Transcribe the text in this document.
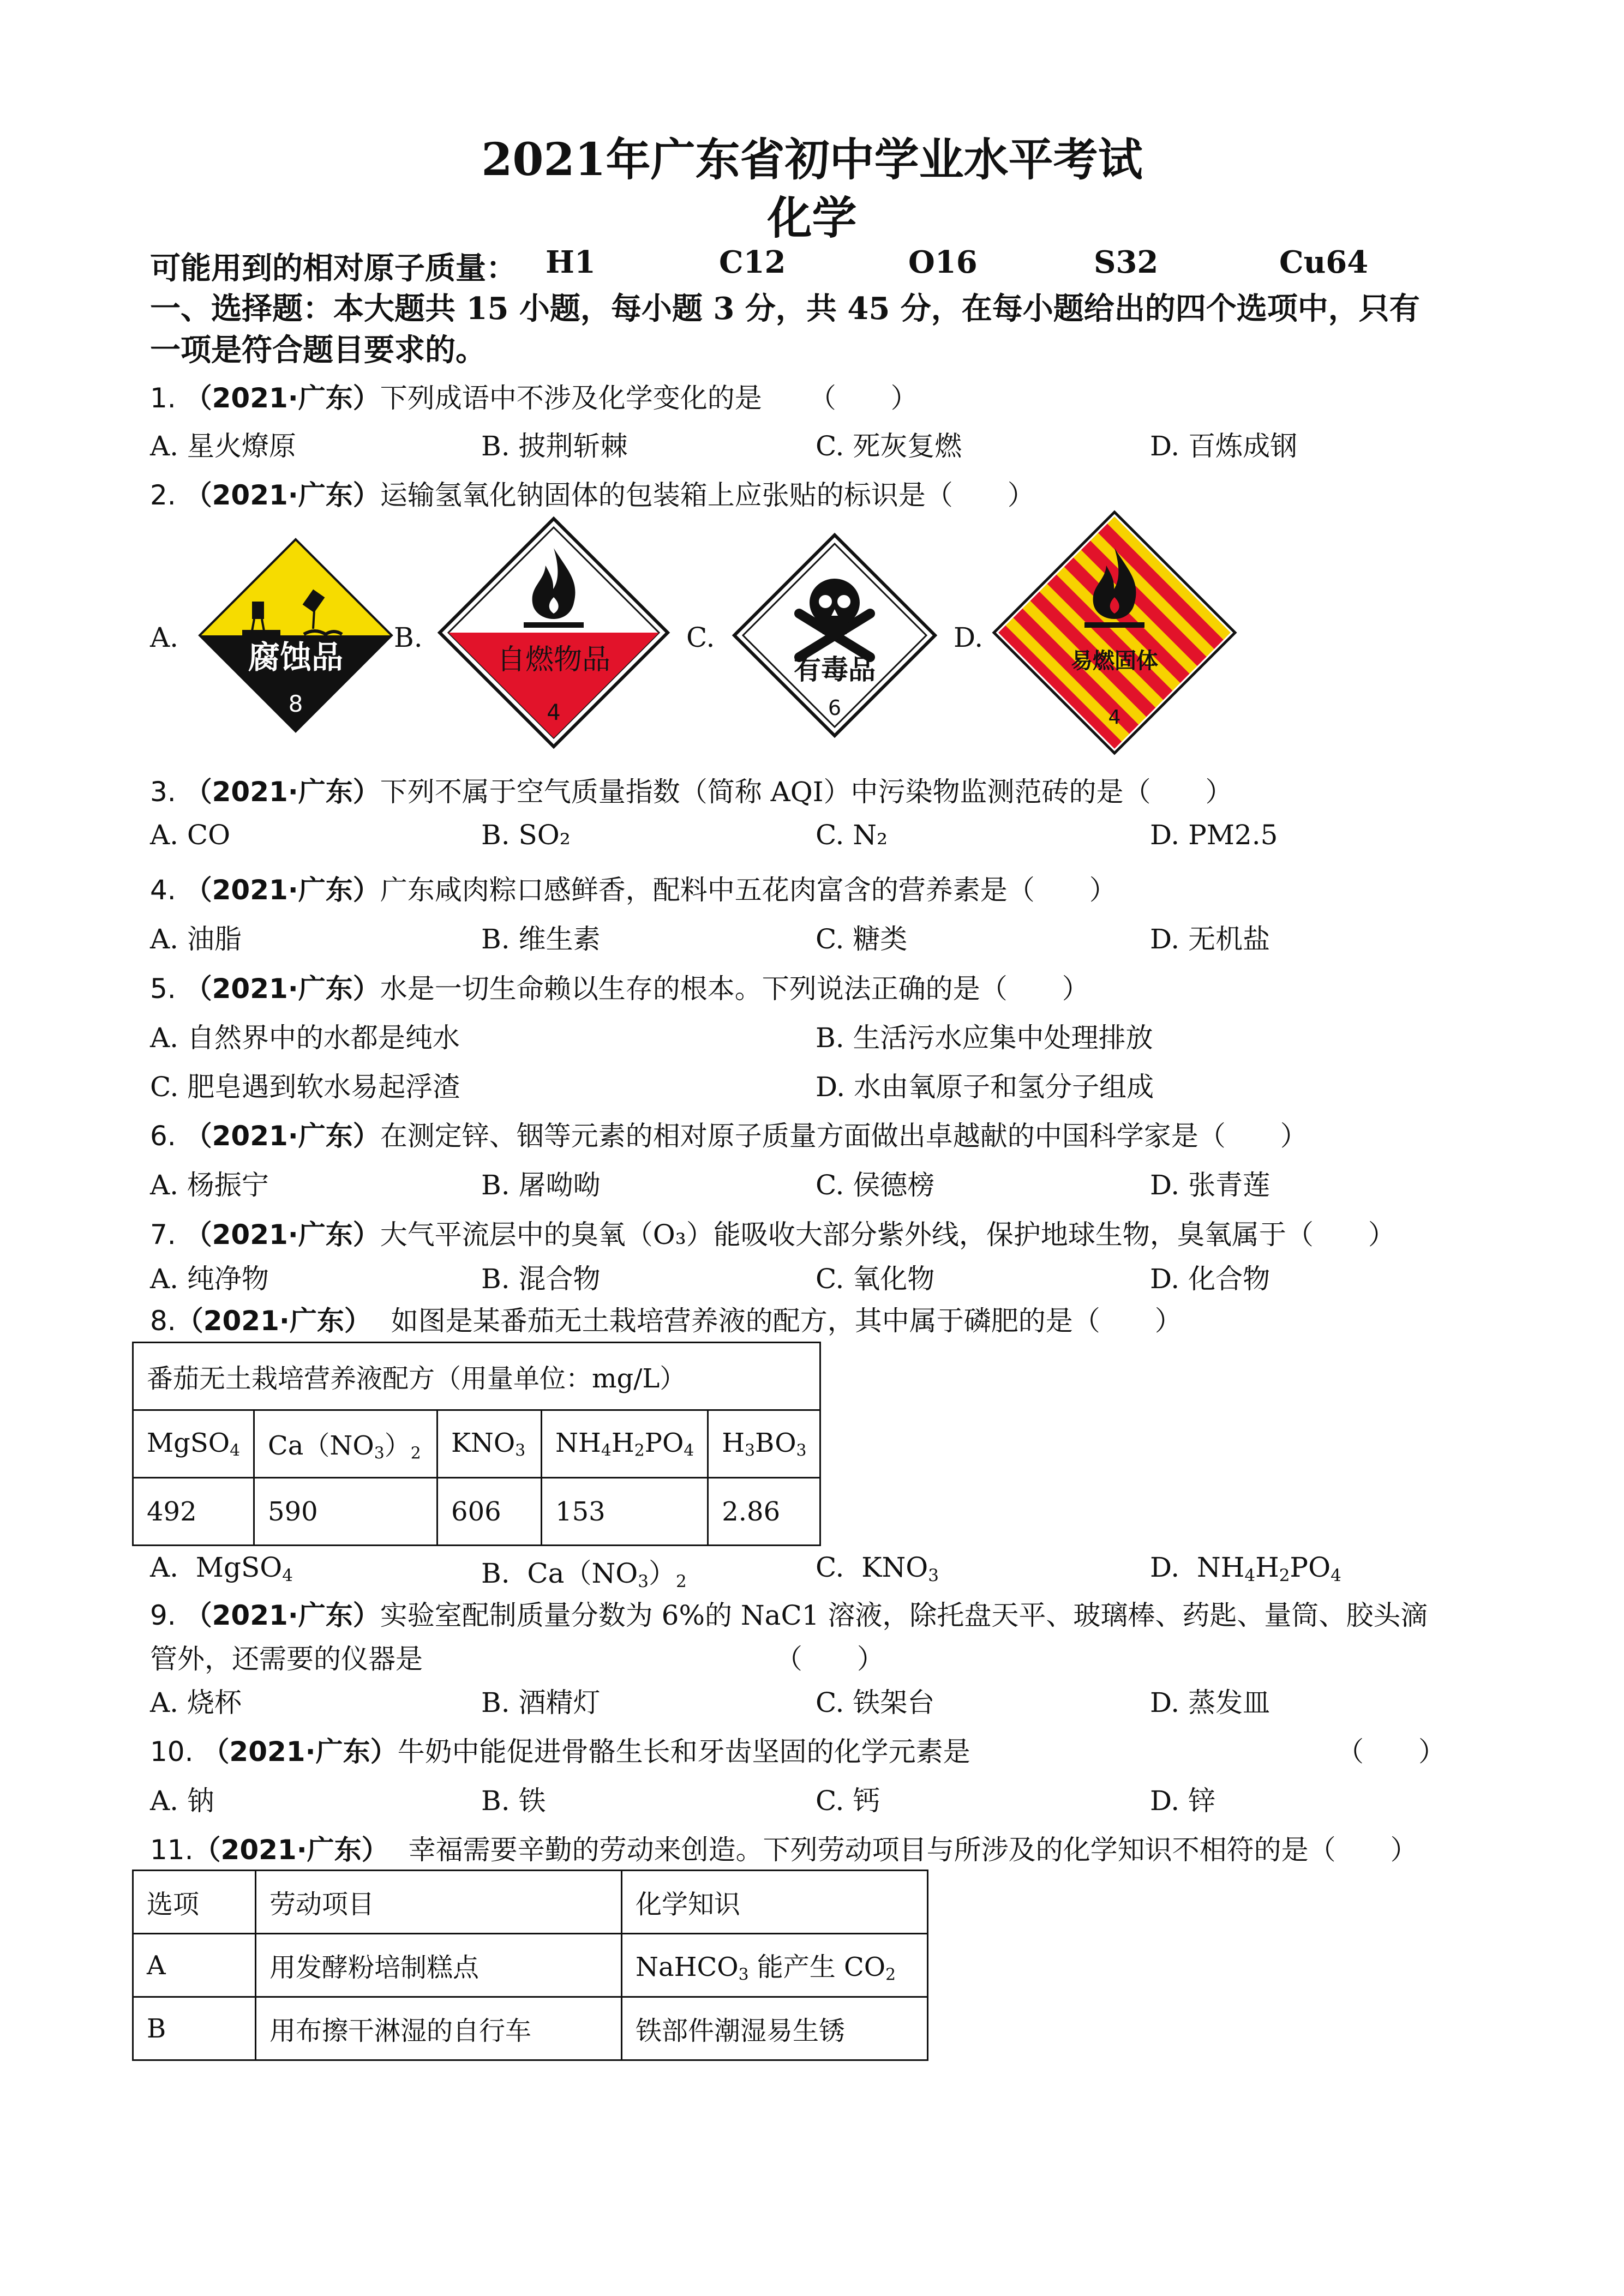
2021年广东省初中学业水平考试
化学
可能用到的相对原子质量： H1	C12	O16	S32	Cu64
一、选择题：本大题共 15 小题，每小题 3 分，共 45 分，在每小题给出的四个选项中，只有
一项是符合题目要求的。
1. （2021·广东）下列成语中不涉及化学变化的是 （　　）
A. 星火燎原	B. 披荆斩棘	C. 死灰复燃	D. 百炼成钢
2. （2021·广东）运输氢氧化钠固体的包装箱上应张贴的标识是（　　）
A.	B.	C.	D.
腐蚀品
8
自燃物品
4
有毒品
6
易燃固体
4
3. （2021·广东）下列不属于空气质量指数（简称 AQI）中污染物监测范砖的是（　　）
A. CO	B. SO₂	C. N₂	D. PM2.5
4. （2021·广东）广东咸肉粽口感鲜香，配料中五花肉富含的营养素是（　　）
A. 油脂	B. 维生素	C. 糖类	D. 无机盐
5. （2021·广东）水是一切生命赖以生存的根本。下列说法正确的是（　　）
A. 自然界中的水都是纯水	B. 生活污水应集中处理排放
C. 肥皂遇到软水易起浮渣	D. 水由氧原子和氢分子组成
6. （2021·广东）在测定锌、铟等元素的相对原子质量方面做出卓越献的中国科学家是（　　）
A. 杨振宁	B. 屠呦呦	C. 侯德榜	D. 张青莲
7. （2021·广东）大气平流层中的臭氧（O₃）能吸收大部分紫外线，保护地球生物，臭氧属于（　　）
A. 纯净物	B. 混合物	C. 氧化物	D. 化合物
8.（2021·广东） 如图是某番茄无土栽培营养液的配方，其中属于磷肥的是（　　）
番茄无土栽培营养液配方（用量单位：mg/L）				
MgSO$_4$	$Ca(NO_3)_2$	$KNO_3$	$NH_4H_2PO_4$	$H_3BO_3$
492	590	606	153	2.86
A.  MgSO$_4$	B.  $Ca(NO_3)_2$	C.  $KNO_3$	D.  $NH_4H_2PO_4$
9. （2021·广东）实验室配制质量分数为 6%的 NaC1 溶液，除托盘天平、玻璃棒、药匙、量筒、胶头滴
管外，还需要的仪器是	（　　）
A. 烧杯	B. 酒精灯	C. 铁架台	D. 蒸发皿
10. （2021·广东）牛奶中能促进骨骼生长和牙齿坚固的化学元素是	（　　）
A. 钠	B. 铁	C. 钙	D. 锌
11.（2021·广东） 幸福需要辛勤的劳动来创造。下列劳动项目与所涉及的化学知识不相符的是（　　）
选项	劳动项目	化学知识
A	用发酵粉培制糕点	NaHCO$_3$ 能产生 $CO_2$
B	用布擦干淋湿的自行车	铁部件潮湿易生锈
